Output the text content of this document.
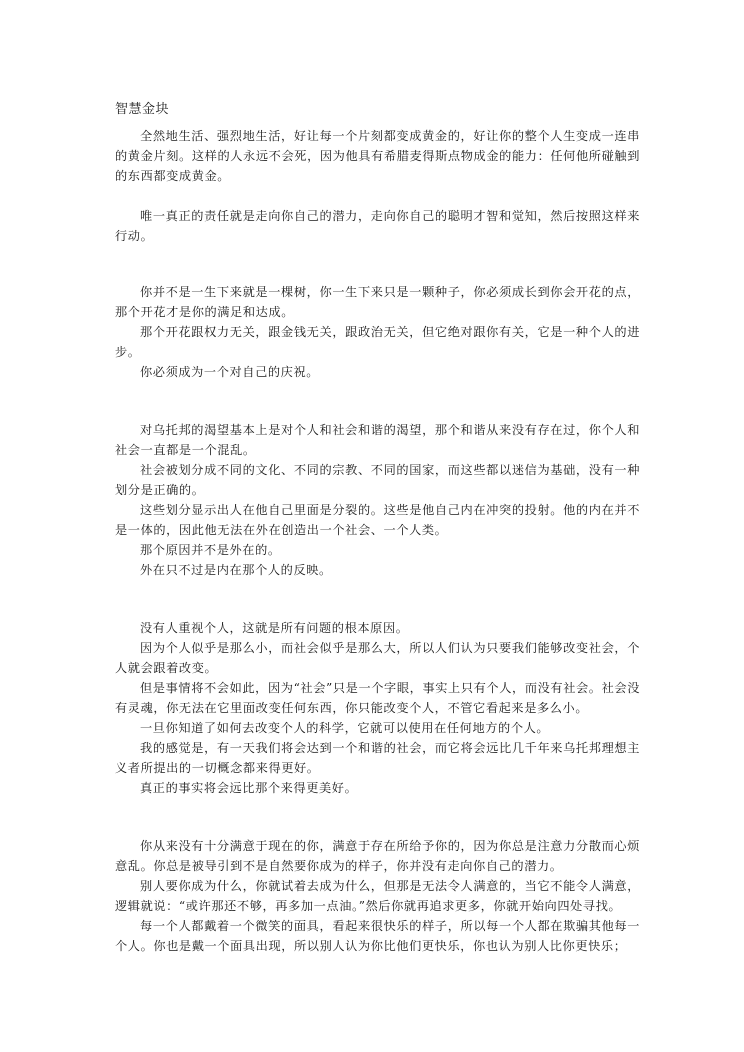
智慧金块

全然地生活、强烈地生活，好让每一个片刻都变成黄金的，好让你的整个人生变成一连串的黄金片刻。这样的人永远不会死，因为他具有希腊麦得斯点物成金的能力：任何他所碰触到的东西都变成黄金。

唯一真正的责任就是走向你自己的潜力，走向你自己的聪明才智和觉知，然后按照这样来行动。

你并不是一生下来就是一棵树，你一生下来只是一颗种子，你必须成长到你会开花的点，那个开花才是你的满足和达成。

那个开花跟权力无关，跟金钱无关，跟政治无关，但它绝对跟你有关，它是一种个人的进步。

你必须成为一个对自己的庆祝。

对乌托邦的渴望基本上是对个人和社会和谐的渴望，那个和谐从来没有存在过，你个人和社会一直都是一个混乱。

社会被划分成不同的文化、不同的宗教、不同的国家，而这些都以迷信为基础，没有一种划分是正确的。

这些划分显示出人在他自己里面是分裂的。这些是他自己内在冲突的投射。他的内在并不是一体的，因此他无法在外在创造出一个社会、一个人类。

那个原因并不是外在的。

外在只不过是内在那个人的反映。

没有人重视个人，这就是所有问题的根本原因。

因为个人似乎是那么小，而社会似乎是那么大，所以人们认为只要我们能够改变社会，个人就会跟着改变。

但是事情将不会如此，因为“社会”只是一个字眼，事实上只有个人，而没有社会。社会没有灵魂，你无法在它里面改变任何东西，你只能改变个人，不管它看起来是多么小。

一旦你知道了如何去改变个人的科学，它就可以使用在任何地方的个人。

我的感觉是，有一天我们将会达到一个和谐的社会，而它将会远比几千年来乌托邦理想主义者所提出的一切概念都来得更好。

真正的事实将会远比那个来得更美好。

你从来没有十分满意于现在的你，满意于存在所给予你的，因为你总是注意力分散而心烦意乱。你总是被导引到不是自然要你成为的样子，你并没有走向你自己的潜力。

别人要你成为什么，你就试着去成为什么，但那是无法令人满意的，当它不能令人满意，逻辑就说：“或许那还不够，再多加一点油。”然后你就再追求更多，你就开始向四处寻找。

每一个人都戴着一个微笑的面具，看起来很快乐的样子，所以每一个人都在欺骗其他每一个人。你也是戴一个面具出现，所以别人认为你比他们更快乐，你也认为别人比你更快乐；
